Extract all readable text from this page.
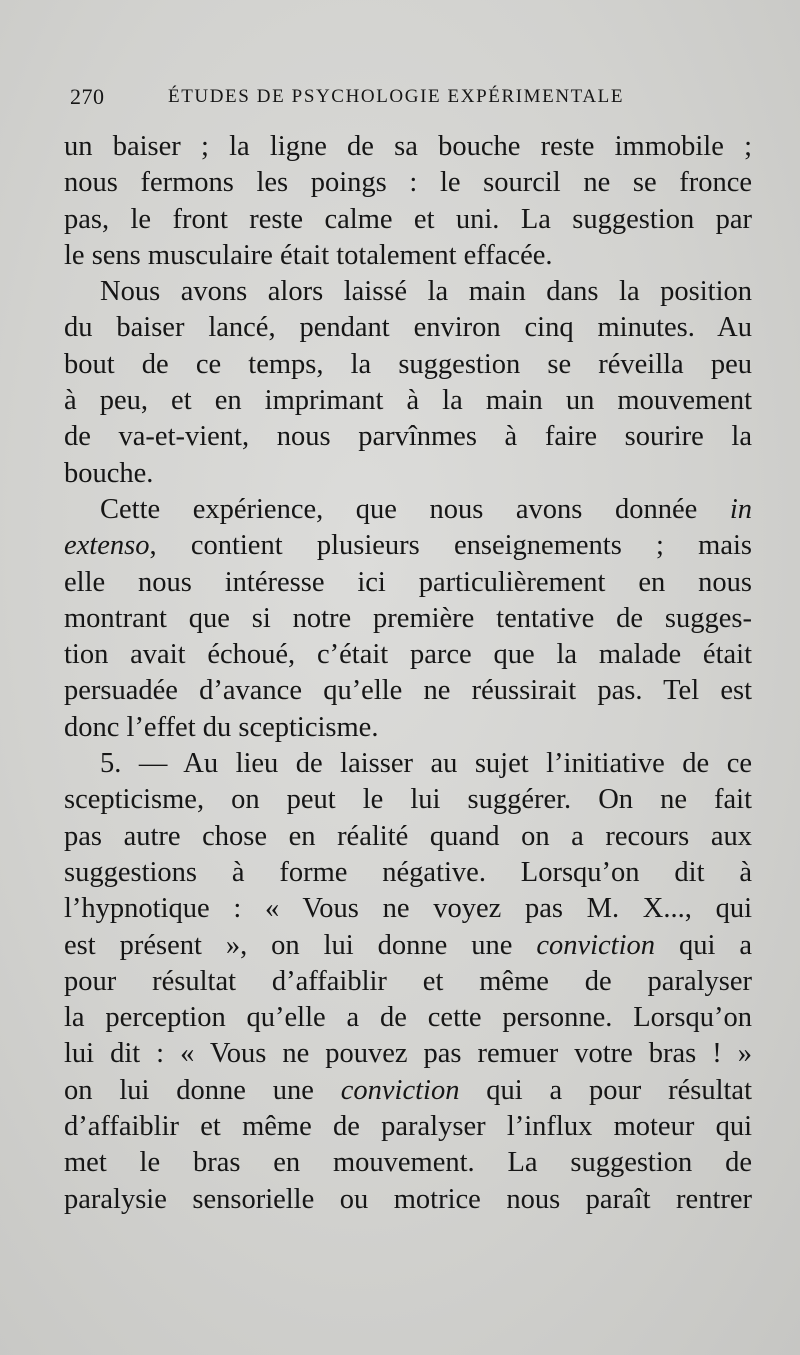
270	ÉTUDES DE PSYCHOLOGIE EXPÉRIMENTALE
un baiser ; la ligne de sa bouche reste immobile ;
nous fermons les poings : le sourcil ne se fronce
pas, le front reste calme et uni. La suggestion par
le sens musculaire était totalement effacée.
Nous avons alors laissé la main dans la position
du baiser lancé, pendant environ cinq minutes. Au
bout de ce temps, la suggestion se réveilla peu
à peu, et en imprimant à la main un mouvement
de va-et-vient, nous parvînmes à faire sourire la
bouche.
Cette expérience, que nous avons donnée in
extenso, contient plusieurs enseignements ; mais
elle nous intéresse ici particulièrement en nous
montrant que si notre première tentative de sugges-
tion avait échoué, c’était parce que la malade était
persuadée d’avance qu’elle ne réussirait pas. Tel est
donc l’effet du scepticisme.
5. — Au lieu de laisser au sujet l’initiative de ce
scepticisme, on peut le lui suggérer. On ne fait
pas autre chose en réalité quand on a recours aux
suggestions à forme négative. Lorsqu’on dit à
l’hypnotique : « Vous ne voyez pas M. X..., qui
est présent », on lui donne une conviction qui a
pour résultat d’affaiblir et même de paralyser
la perception qu’elle a de cette personne. Lorsqu’on
lui dit : « Vous ne pouvez pas remuer votre bras ! »
on lui donne une conviction qui a pour résultat
d’affaiblir et même de paralyser l’influx moteur qui
met le bras en mouvement. La suggestion de
paralysie sensorielle ou motrice nous paraît rentrer
